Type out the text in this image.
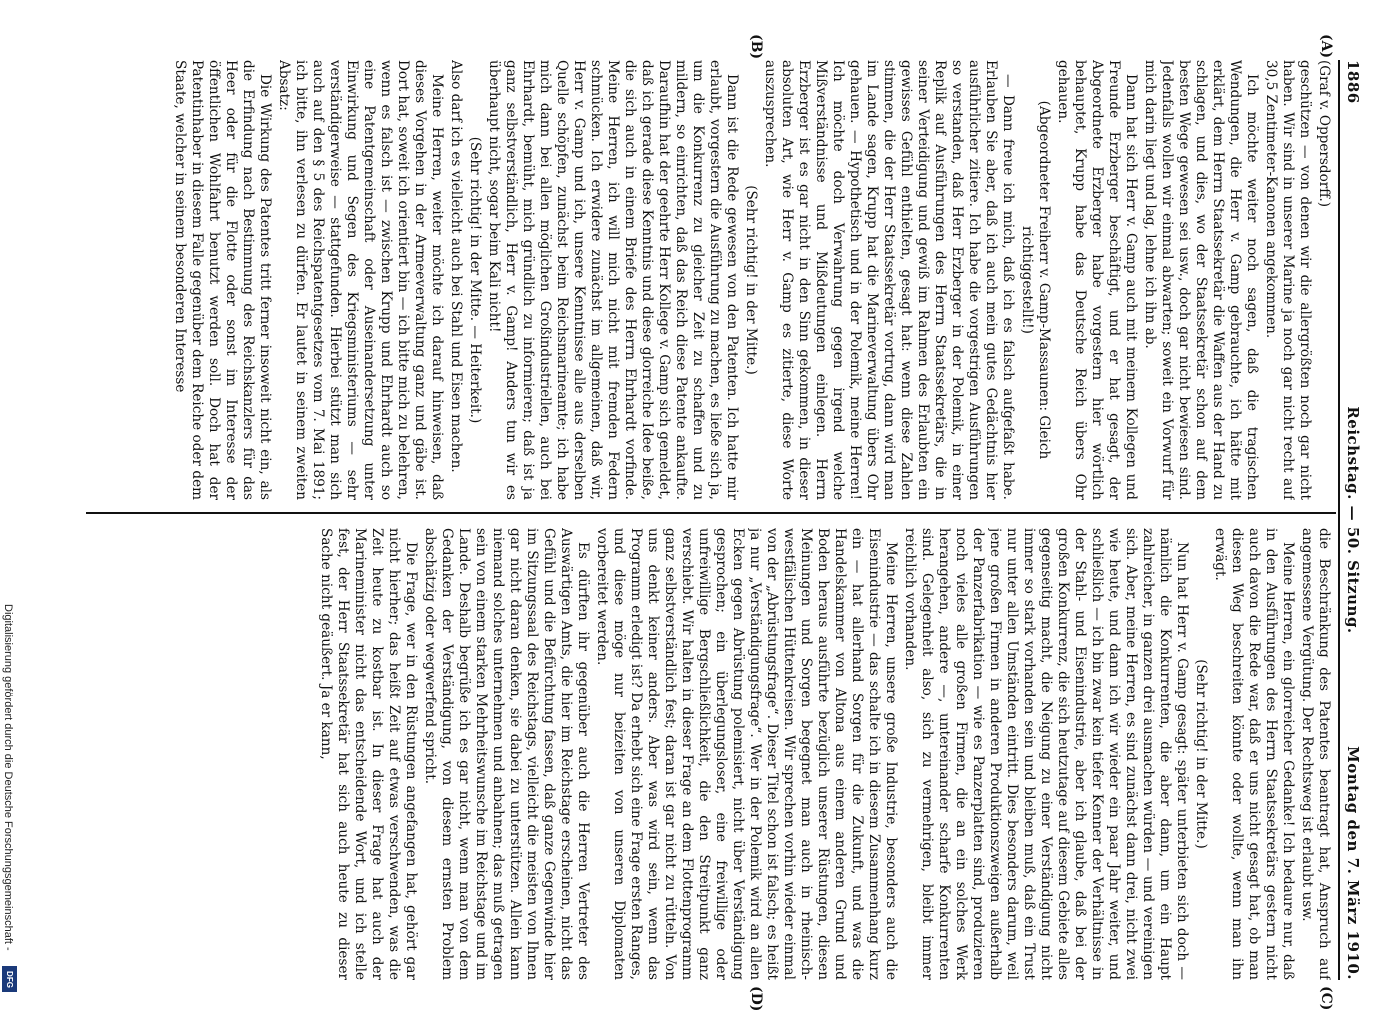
Digitalisierung gefördert durch die Deutsche Forschungsgemeinschaft -
DFG
1886
Reichstag. — 50. Sitzung.
Montag den 7. März 1910.

(Graf v. Oppersdorff.)

geschützen — von denen wir die allergrößten noch gar nicht haben. Wir sind in unserer Marine ja noch gar nicht recht auf 30,5 Zentimeter-Kanonen angekommen.

Ich möchte weiter noch sagen, daß die tragischen Wendungen, die Herr v. Gamp gebrauchte, ich hätte mit erklärt, dem Herrn Staatssekretär die Waffen aus der Hand zu schlagen, und dies, wo der Staatssekretär schon auf dem besten Wege gewesen sei usw., doch gar nicht bewiesen sind. Jedenfalls wollen wir einmal abwarten; soweit ein Vorwurf für mich darin liegt und lag, lehne ich ihn ab.

Dann hat sich Herr v. Gamp auch mit meinem Kollegen und Freunde Erzberger beschäftigt, und er hat gesagt, der Abgeordnete Erzberger habe vorgestern hier wörtlich behauptet, Krupp habe das Deutsche Reich übers Ohr gehauen.

(Abgeordneter Freiherr v. Gamp-Massaunen: Gleich richtiggestellt!)

— Dann freue ich mich, daß ich es falsch aufgefaßt habe. Erlauben Sie aber, daß ich auch mein gutes Gedächtnis hier ausführlicher zitiere. Ich habe die vorgestrigen Ausführungen so verstanden, daß Herr Erzberger in der Polemik, in einer Replik auf Ausführungen des Herrn Staatssekretärs, die in seiner Verteidigung und gewiß im Rahmen des Erlaubten ein gewisses Gefühl enthielten, gesagt hat: wenn diese Zahlen stimmen, die der Herr Staatssekretär vortrug, dann wird man im Lande sagen, Krupp hat die Marineverwaltung übers Ohr gehauen. — Hypothetisch und in der Polemik, meine Herren! Ich möchte doch Verwahrung gegen irgend welche Mißverständnisse und Mißdeutungen einlegen. Herrn Erzberger ist es gar nicht in den Sinn gekommen, in dieser absoluten Art, wie Herr v. Gamp es zitierte, diese Worte auszusprechen.

(Sehr richtig! in der Mitte.)

Dann ist die Rede gewesen von den Patenten. Ich hatte mir erlaubt, vorgestern die Ausführung zu machen, es ließe sich ja, um die Konkurrenz zu gleicher Zeit zu schaffen und zu mildern, so einrichten, daß das Reich diese Patente ankaufte. Daraufhin hat der geehrte Herr Kollege v. Gamp sich gemeldet, daß ich gerade diese Kenntnis und diese glorreiche Idee beiße, die sich auch in einem Briefe des Herrn Ehrhardt vorfinde. Meine Herren, ich will mich nicht mit fremden Federn schmücken. Ich erwidere zunächst im allgemeinen, daß wir, Herr v. Gamp und ich, unsere Kenntnisse alle aus derselben Quelle schöpfen, zunächst beim Reichsmarineamte; ich habe mich dann bei allen möglichen Großindustriellen, auch bei Ehrhardt, bemüht, mich gründlich zu informieren; daß ist ja ganz selbstverständlich, Herr v. Gamp! Anders tun wir es überhaupt nicht, sogar beim Kali nicht!

(Sehr richtig! in der Mitte. — Heiterkeit.)

Also darf ich es vielleicht auch bei Stahl und Eisen machen.

Meine Herren, weiter möchte ich darauf hinweisen, daß dieses Vorgehen in der Armeeverwaltung ganz und gäbe ist. Dort hat, soweit ich orientiert bin — ich bitte mich zu belehren, wenn es falsch ist — zwischen Krupp und Ehrhardt auch so eine Patentgemeinschaft oder Auseinandersetzung unter Einwirkung und Segen des Kriegsministeriums — sehr verständigerweise — stattgefunden. Hierbei stützt man sich auch auf den § 5 des Reichspatentgesetzes vom 7. Mai 1891; ich bitte, ihn verlesen zu dürfen. Er lautet in seinem zweiten Absatz:

Die Wirkung des Patentes tritt ferner insoweit nicht ein, als die Erfindung nach Bestimmung des Reichskanzlers für das Heer oder für die Flotte oder sonst im Interesse der öffentlichen Wohlfahrt benutzt werden soll. Doch hat der Patentinhaber in diesem Falle gegenüber dem Reiche oder dem Staate, welcher in seinem besonderen Interesse

die Beschränkung des Patentes beantragt hat, Anspruch auf angemessene Vergütung. Der Rechtsweg ist erlaubt usw.

Meine Herren, ein glorreicher Gedanke! Ich bedaure nur, daß in den Ausführungen des Herrn Staatssekretärs gestern nicht auch davon die Rede war, daß er uns nicht gesagt hat, ob man diesen Weg beschreiten könnte oder wollte, wenn man ihn erwägt.

(Sehr richtig! in der Mitte.)

Nun hat Herr v. Gamp gesagt: später unterbieten sich doch — nämlich die Konkurrenten, die aber dann, um ein Haupt zahlreicher, in ganzen drei ausmachen würden — und vereinigen sich. Aber, meine Herren, es sind zunächst dann drei, nicht zwei wie heute, und dann ich wir wieder ein paar Jahr weiter, und schließlich — ich bin zwar kein tiefer Kenner der Verhältnisse in der Stahl- und Eisenindustrie, aber ich glaube, daß bei der großen Konkurrenz, die sich heutzutage auf diesem Gebiete alles gegenseitig macht, die Neigung zu einer Verständigung nicht immer so stark vorhanden sein und bleiben muß, daß ein Trust nur unter allen Umständen eintritt. Dies besonders darum, weil jene großen Firmen in anderen Produktionszweigen außerhalb der Panzerfabrikation — wie es Panzerplatten sind, produzieren noch vieles alle großen Firmen, die an ein solches Werk herangehen, andere —, untereinander scharfe Konkurrenten sind. Gelegenheit also, sich zu vermehrigen, bleibt immer reichlich vorhanden.

Meine Herren, unsere große Industrie, besonders auch die Eisenindustrie — das schalte ich in diesem Zusammenhang kurz ein — hat allerhand Sorgen für die Zukunft, und was die Handelskammer von Altona aus einem anderen Grund und Boden heraus ausführte bezüglich unserer Rüstungen, diesen Meinungen und Sorgen begegnet man auch in rheinisch-westfälischen Hüttenkreisen. Wir sprechen vorhin wieder einmal von der „Abrüstungsfrage“. Dieser Titel schon ist falsch; es heißt ja nur „Verständigungsfrage“. Wer in der Polemik wird an allen Ecken gegen Abrüstung polemisiert, nicht über Verständigung gesprochen; ein überlegungsloser, eine freiwillige oder unfreiwillige Bergschließlichkeit, die den Streitpunkt ganz verschiebt. Wir halten in dieser Frage an dem Flottenprogramm ganz selbstverständlich fest; daran ist gar nicht zu rütteln. Von uns denkt keiner anders. Aber was wird sein, wenn das Programm erledigt ist? Da erhebt sich eine Frage ersten Ranges, und diese möge nur beizeiten von unseren Diplomaten vorbereitet werden.

Es dürften ihr gegenüber auch die Herren Vertreter des Auswärtigen Amts, die hier im Reichstage erscheinen, nicht das Gefühl und die Befürchtung fassen, daß ganze Gegenwinde hier im Sitzungssaal des Reichstags, vielleicht die meisten von Ihnen gar nicht daran denken, sie dabei zu unterstützen. Allein kann niemand solches unternehmen und anbahnen; das muß getragen sein von einem starken Mehrheitswunsche im Reichstage und im Lande. Deshalb begrüße ich es gar nicht, wenn man von dem Gedanken der Verständigung, von diesem ernsten Problem abschätzig oder wegwerfend spricht.

Die Frage, wer in den Rüstungen angefangen hat, gehört gar nicht hierher; das heißt Zeit auf etwas verschwenden, was die Zeit heute zu kostbar ist. In dieser Frage hat auch der Marineminister nicht das entscheidende Wort, und ich stelle fest, der Herr Staatssekretär hat sich auch heute zu dieser Sache nicht geäußert. Ja er kann,

(A)
(B)
(C)
(D)
